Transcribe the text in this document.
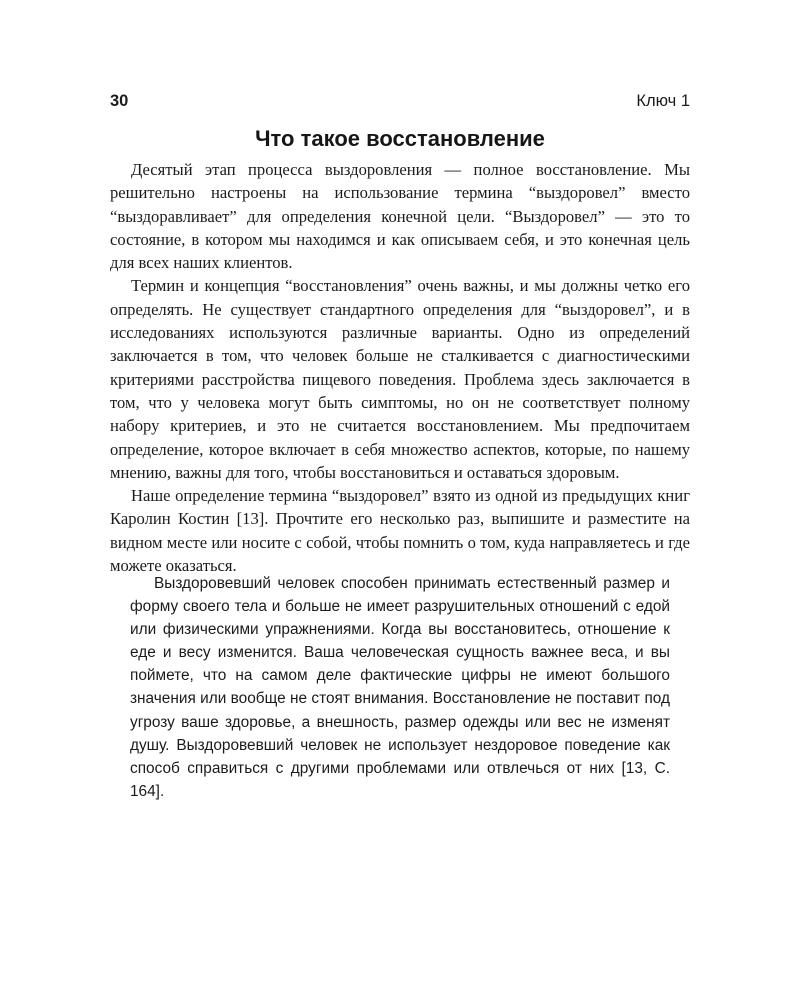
30	Ключ 1
Что такое восстановление

Десятый этап процесса выздоровления — полное восстановление. Мы решительно настроены на использование термина “выздоровел” вместо “выздоравливает” для определения конечной цели. “Выздоровел” — это то состояние, в котором мы находимся и как описываем себя, и это конечная цель для всех наших клиентов.

Термин и концепция “восстановления” очень важны, и мы должны четко его определять. Не существует стандартного определения для “выздоровел”, и в исследованиях используются различные варианты. Одно из определений заключается в том, что человек больше не сталкивается с диагностическими критериями расстройства пищевого поведения. Проблема здесь заключается в том, что у человека могут быть симптомы, но он не соответствует полному набору критериев, и это не считается восстановлением. Мы предпочитаем определение, которое включает в себя множество аспектов, которые, по нашему мнению, важны для того, чтобы восстановиться и оставаться здоровым.

Наше определение термина “выздоровел” взято из одной из предыдущих книг Каролин Костин [13]. Прочтите его несколько раз, выпишите и разместите на видном месте или носите с собой, чтобы помнить о том, куда направляетесь и где можете оказаться.

Выздоровевший человек способен принимать естественный размер и форму своего тела и больше не имеет разрушительных отношений с едой или физическими упражнениями. Когда вы восстановитесь, отношение к еде и весу изменится. Ваша человеческая сущность важнее веса, и вы поймете, что на самом деле фактические цифры не имеют большого значения или вообще не стоят внимания. Восстановление не поставит под угрозу ваше здоровье, а внешность, размер одежды или вес не изменят душу. Выздоровевший человек не использует нездоровое поведение как способ справиться с другими проблемами или отвлечься от них [13, С. 164].
